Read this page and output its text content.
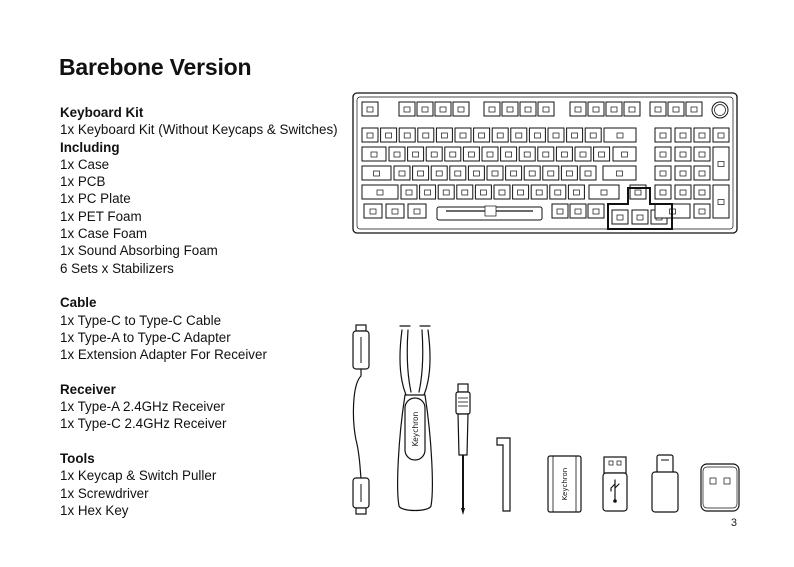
Barebone Version
Keyboard Kit
1x Keyboard Kit (Without Keycaps & Switches)
Including
1x Case
1x PCB
1x PC Plate
1x PET Foam
1x Case Foam
1x Sound Absorbing Foam
6 Sets x Stabilizers
Cable
1x Type-C to Type-C Cable
1x Type-A to Type-C Adapter
1x Extension Adapter For Receiver
Receiver
1x Type-A 2.4GHz Receiver
1x Type-C 2.4GHz Receiver
Tools
1x Keycap & Switch Puller
1x Screwdriver
1x Hex Key
3
Keychron
Keychron
